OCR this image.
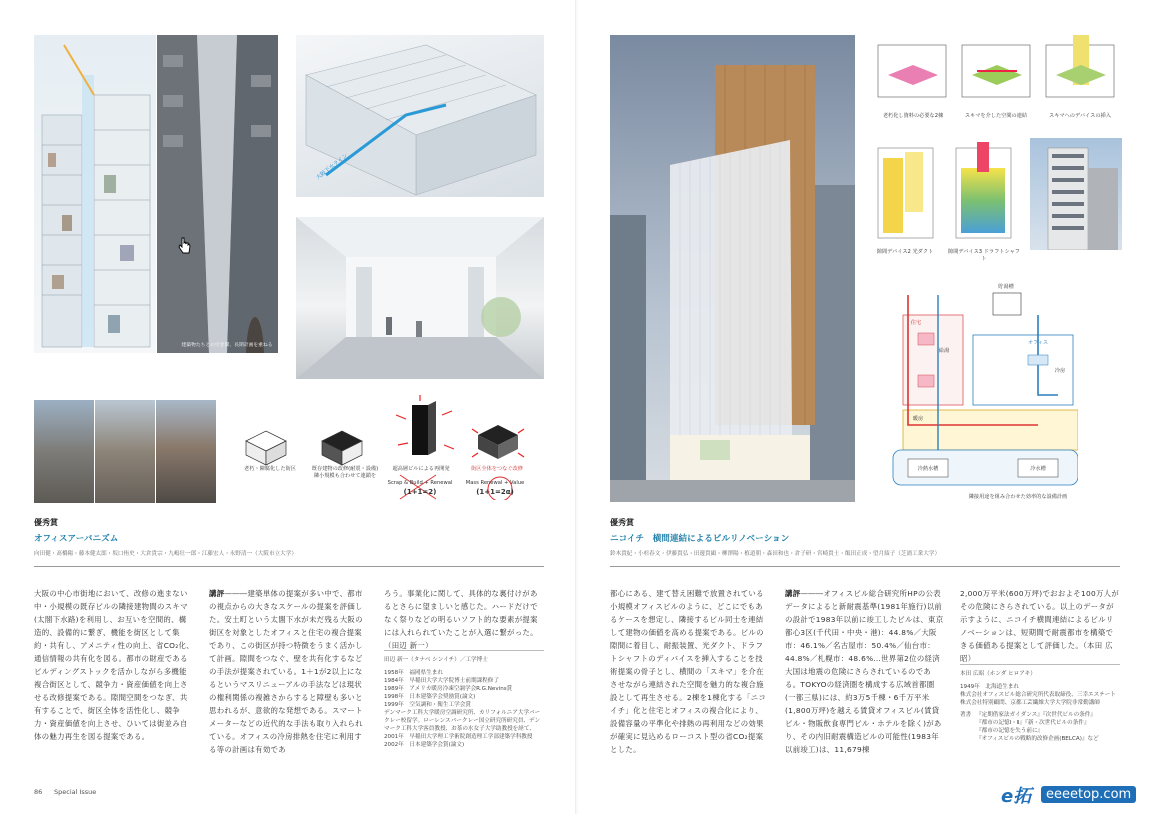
建築物たちとの空き間、長期計画を重ねる
大阪下水ライン
老朽・陳腐化した街区	既存建物の改修(耐震・設備)隣小規模も合わせて連鎖を
超高層ビルによる再開発	街区全体をつなぐ改修
Scrap & Build + Renewal
(1+1=2)
Mass Renewal + Value
(1+1=2α)
優秀賞
オフィスアーバニズム
向田健・髙橋陽・藤本健太郎・坂口侑史・大倉貴宗・九嶋壮一郎・江藤宏人・永野清一（大阪市立大学）
大阪の中心市街地において、改修の進まない中・小規模の既存ビルの隣接建物間のスキマ(太閤下水路)を利用し、お互いを空間的、構造的、設備的に繋ぎ、機能を街区として集約・共有し、アメニティ性の向上、省CO₂化、通信情報の共有化を図る。都市の財産であるビルディングストックを活かしながら多機能複合街区として、競争力・資産価値を向上させる改修提案である。隙間空間をつなぎ、共有することで、街区全体を活性化し、競争力・資産価値を向上させ、ひいては街並み自体の魅力再生を図る提案である。
講評―――建築単体の提案が多い中で、都市の視点からの大きなスケールの提案を評価した。安土町という太閤下水が未だ残る大阪の街区を対象としたオフィスと住宅の複合提案であり、この街区が持つ特徴をうまく活かして計画。隙間をつなぐ、壁を共有化するなどの手法が提案されている。1＋1が2以上になるというマスリニューアルの手法などは現状の権利関係の複雑さからすると障壁も多いと思われるが、意欲的な発想である。スマートメーターなどの近代的な手法も取り入れられている。オフィスの冷房排熱を住宅に利用する等の計画は有効であ
ろう。事業化に関して、具体的な裏付けがあるとさらに望ましいと感じた。ハードだけでなく祭りなどの明るいソフト的な要素が提案には入れられていたことが入選に繋がった。（田辺 新一）
田辺 新一（タナベ シンイチ）／工学博士
1958年　福岡県生まれ
1984年　早稲田大学大学院博士前期課程修了
1989年　アメリカ暖房冷凍空調学会R.G.Nevins賞
1998年　日本建築学会奨励賞(論文)
1999年　空気調和・衛生工学会賞
デンマーク工科大学暖房空調研究所、カリフォルニア大学バークレー校留学。ローレンスバークレー国立研究所研究員、デンマーク工科大学客員教授、お茶の水女子大学助教授を経て、
2001年　早稲田大学理工学術院創造理工学部建築学科教授
2002年　日本建築学会賞(論文)
86 Special Issue
老朽化し資料の必要な2棟	スキマを介した空間の連結	スキマへのデバイスの挿入
隙間デバイス2 光ダクト	隙間デバイス3 ドラフトシャフト
貯湯槽
住宅
オフィス
冷熱水槽	冷水槽
給湯
冷房
暖房
隣接用途を組み合わせた効率的な設備計画
優秀賞
ニコイチ　横間連結によるビルリノベーション
鈴木貴紀・小杉春文・伊藤貴弘・田邊貴顕・柳澤陽・植道朝・森田和也・倉子研・宮崎貴士・飯田正成・望月綾子（芝浦工業大学）
都心にある、建て替え困難で放置されている小規模オフィスビルのように、どこにでもあるケースを想定し、隣接するビル同士を連結して建物の価値を高める提案である。ビルの隙間に着目し、耐振装置、光ダクト、ドラフトシャフトのディバイスを挿入することを技術提案の骨子とし、横間の「スキマ」を介在させながら連結された空間を魅力的な複合施設として再生させる。2棟を1棟化する「ニコイチ」化と住宅とオフィスの複合化により、設備容量の平準化や排熱の再利用などの効果が確実に見込めるローコスト型の省CO₂提案とした。
講評―――オフィスビル総合研究所HPの公表データによると新耐震基準(1981年施行)以前の設計で1983年以前に竣工したビルは、東京都心3区(千代田・中央・港)：44.8%／大阪市：46.1%／名古屋市：50.4%／仙台市：44.8%／札幌市：48.6%…世界第2位の経済大国は地震の危険にさらされているのである。TOKYOの経済圏を構成する広域首都圏(一都三県)には、約3万5千棟・6千万平米(1,800万坪)を越える賃貸オフィスビル(賃貸ビル・物販飲食専門ビル・ホテルを除く)があり、その内旧耐震構造ビルの可能性(1983年以前竣工)は、11,679棟
2,000万平米(600万坪)でおおよそ100万人がその危険にさらされている。以上のデータが示すように、ニコイチ横間連結によるビルリノベーションは、短期間で耐震都市を構築できる価値ある提案として評価した。（本田 広昭）
本田 広昭（ホンダ ヒロアキ）
1949年　北海道生まれ
株式会社オフィスビル総合研究所代表取締役、三幸エステート株式会社特別顧問、京都工芸繊維大学大学院非常勤講師
著書 『定期借家法ガイダンス』『次世代ビルの条件』
『都市の記憶Ⅰ・Ⅱ』『新・次世代ビルの条件』
『都市の記憶を失う前に』
『オフィスビルの戦略的改修企画(BELCA)』など
e拓	eeeetop.com
